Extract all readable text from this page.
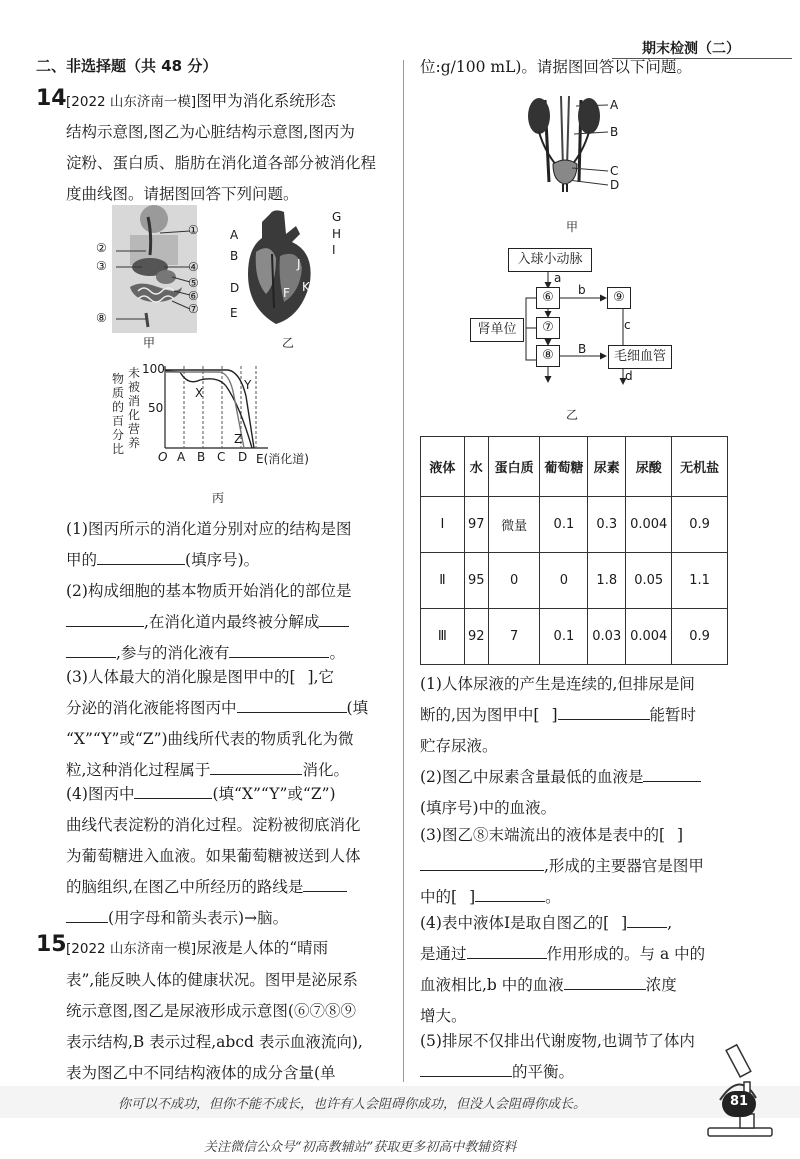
期末检测（二）
二、非选择题（共 48 分）
14 [2022 山东济南一模]图甲为消化系统形态
结构示意图,图乙为心脏结构示意图,图丙为
淀粉、蛋白质、脂肪在消化道各部分被消化程
度曲线图。请据图回答下列问题。
①
②
③	④
⑤
⑥
⑦
⑧
甲
A
B
D
E
F
G
H
I
J
K
乙
未被消化营养
物质的百分比
100
50
O
X
Y
Z
A B C D E(消化道)
丙
(1)图丙所示的消化道分别对应的结构是图
甲的	(填序号)。
(2)构成细胞的基本物质开始消化的部位是
,在消化道内最终被分解成
,参与的消化液有	。
(3)人体最大的消化腺是图甲中的[ ],它
分泌的消化液能将图丙中	(填
“X”“Y”或“Z”)曲线所代表的物质乳化为微
粒,这种消化过程属于	消化。
(4)图丙中	(填“X”“Y”或“Z”)
曲线代表淀粉的消化过程。淀粉被彻底消化
为葡萄糖进入血液。如果葡萄糖被送到人体
的脑组织,在图乙中所经历的路线是
(用字母和箭头表示)→脑。
15 [2022 山东济南一模]尿液是人体的“晴雨
表”,能反映人体的健康状况。图甲是泌尿系
统示意图,图乙是尿液形成示意图(⑥⑦⑧⑨
表示结构,B 表示过程,abcd 表示血液流向),
表为图乙中不同结构液体的成分含量(单
位:g/100 mL)。请据图回答以下问题。
A
B
C
D
甲
入球小动脉
⑥	⑨
⑦
肾单位
⑧	毛细血管
a
b
c
B
d
乙
液体	水	蛋白质	葡萄糖	尿素	尿酸	无机盐
Ⅰ	97	微量	0.1	0.3	0.004	0.9
Ⅱ	95	0	0	1.8	0.05	1.1
Ⅲ	92	7	0.1	0.03	0.004	0.9
(1)人体尿液的产生是连续的,但排尿是间
断的,因为图甲中[ ]	能暂时
贮存尿液。
(2)图乙中尿素含量最低的血液是
(填序号)中的血液。
(3)图乙⑧末端流出的液体是表中的[ ]
,形成的主要器官是图甲
中的[ ]	。
(4)表中液体Ⅰ是取自图乙的[ ]	,
是通过	作用形成的。与 a 中的
血液相比,b 中的血液	浓度
增大。
(5)排尿不仅排出代谢废物,也调节了体内
的平衡。
你可以不成功，但你不能不成长，也许有人会阻碍你成功，但没人会阻碍你成长。	81
关注微信公众号“初高教辅站”获取更多初高中教辅资料
